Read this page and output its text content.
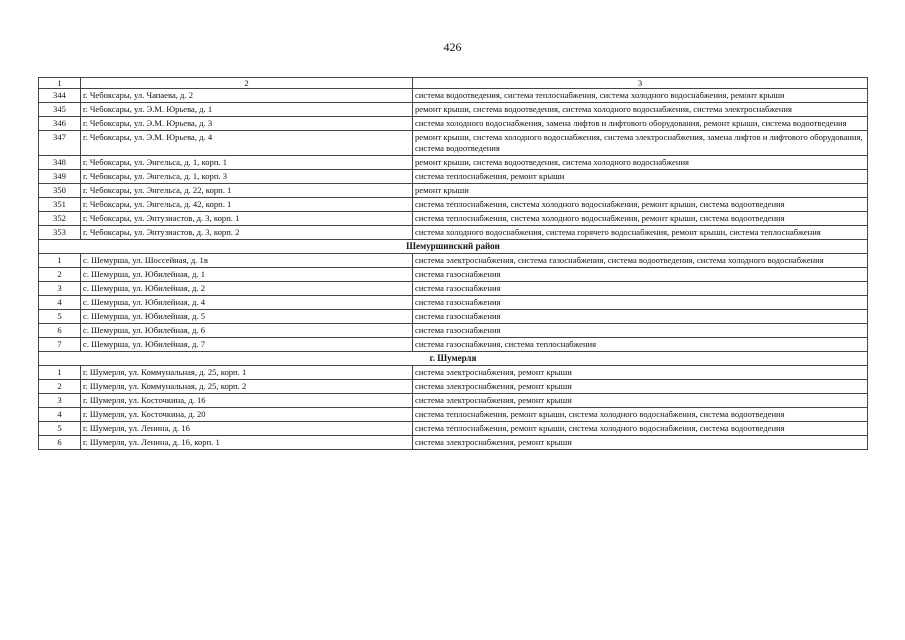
426
1	2	3
344	г. Чебоксары, ул. Чапаева, д. 2	система водоотведения, система теплоснабжения, система холодного водоснабжения, ремонт крыши
345	г. Чебоксары, ул. Э.М. Юрьева, д. 1	ремонт крыши, система водоотведения, система холодного водоснабжения, система электроснабжения
346	г. Чебоксары, ул. Э.М. Юрьева, д. 3	система холодного водоснабжения, замена лифтов и лифтового оборудования, ремонт крыши, система водоотведения
347	г. Чебоксары, ул. Э.М. Юрьева, д. 4	ремонт крыши, система холодного водоснабжения, система электроснабжения, замена лифтов и лифтового оборудования, система водоотведения
348	г. Чебоксары, ул. Энгельса, д. 1, корп. 1	ремонт крыши, система водоотведения, система холодного водоснабжения
349	г. Чебоксары, ул. Энгельса, д. 1, корп. 3	система теплоснабжения, ремонт крыши
350	г. Чебоксары, ул. Энгельса, д. 22, корп. 1	ремонт крыши
351	г. Чебоксары, ул. Энгельса, д. 42, корп. 1	система теплоснабжения, система холодного водоснабжения, ремонт крыши, система водоотведения
352	г. Чебоксары, ул. Энтузиастов, д. 3, корп. 1	система теплоснабжения, система холодного водоснабжения, ремонт крыши, система водоотведения
353	г. Чебоксары, ул. Энтузиастов, д. 3, корп. 2	система холодного водоснабжения, система горячего водоснабжения, ремонт крыши, система теплоснабжения
Шемуршинский район		
1	с. Шемурша, ул. Шоссейная, д. 1в	система электроснабжения, система газоснабжения, система водоотведения, система холодного водоснабжения
2	с. Шемурша, ул. Юбилейная, д. 1	система газоснабжения
3	с. Шемурша, ул. Юбилейная, д. 2	система газоснабжения
4	с. Шемурша, ул. Юбилейная, д. 4	система газоснабжения
5	с. Шемурша, ул. Юбилейная, д. 5	система газоснабжения
6	с. Шемурша, ул. Юбилейная, д. 6	система газоснабжения
7	с. Шемурша, ул. Юбилейная, д. 7	система газоснабжения, система теплоснабжения
г. Шумерля		
1	г. Шумерля, ул. Коммунальная, д. 25, корп. 1	система электроснабжения, ремонт крыши
2	г. Шумерля, ул. Коммунальная, д. 25, корп. 2	система электроснабжения, ремонт крыши
3	г. Шумерля, ул. Косточкина, д. 16	система электроснабжения, ремонт крыши
4	г. Шумерля, ул. Косточкина, д. 20	система теплоснабжения, ремонт крыши, система холодного водоснабжения, система водоотведения
5	г. Шумерля, ул. Ленина, д. 16	система теплоснабжения, ремонт крыши, система холодного водоснабжения, система водоотведения
6	г. Шумерля, ул. Ленина, д. 16, корп. 1	система электроснабжения, ремонт крыши
